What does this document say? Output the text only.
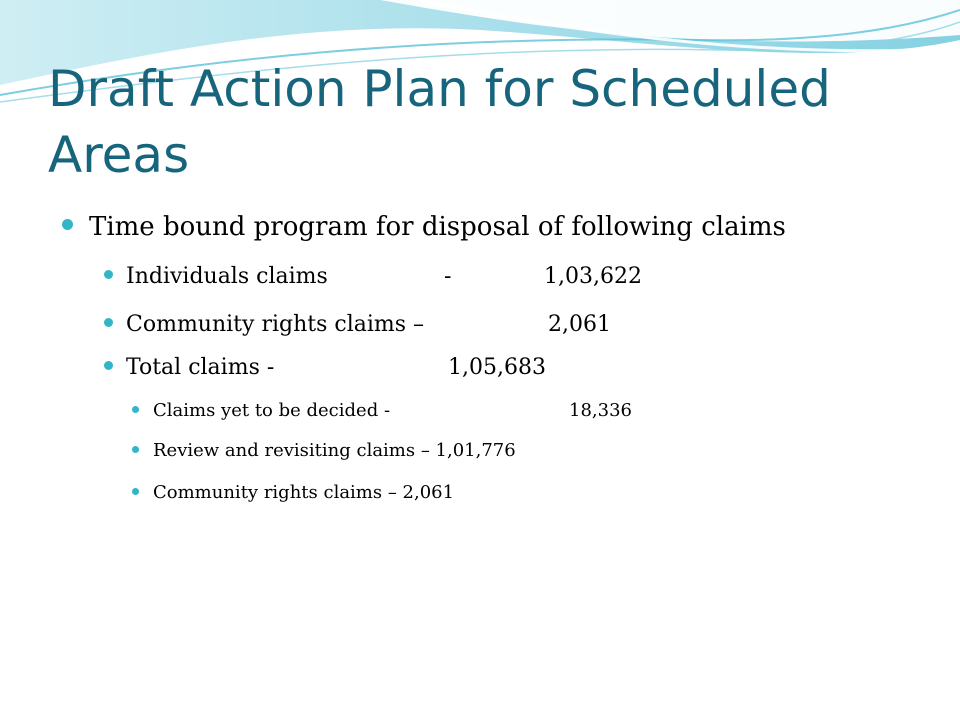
Draft Action Plan for Scheduled Areas
Time bound program for disposal of following claims
Individuals claims	-	1,03,622
Community rights claims –	2,061
Total claims -	1,05,683
Claims yet to be decided -	18,336
Review and revisiting claims – 1,01,776
Community rights claims – 2,061
